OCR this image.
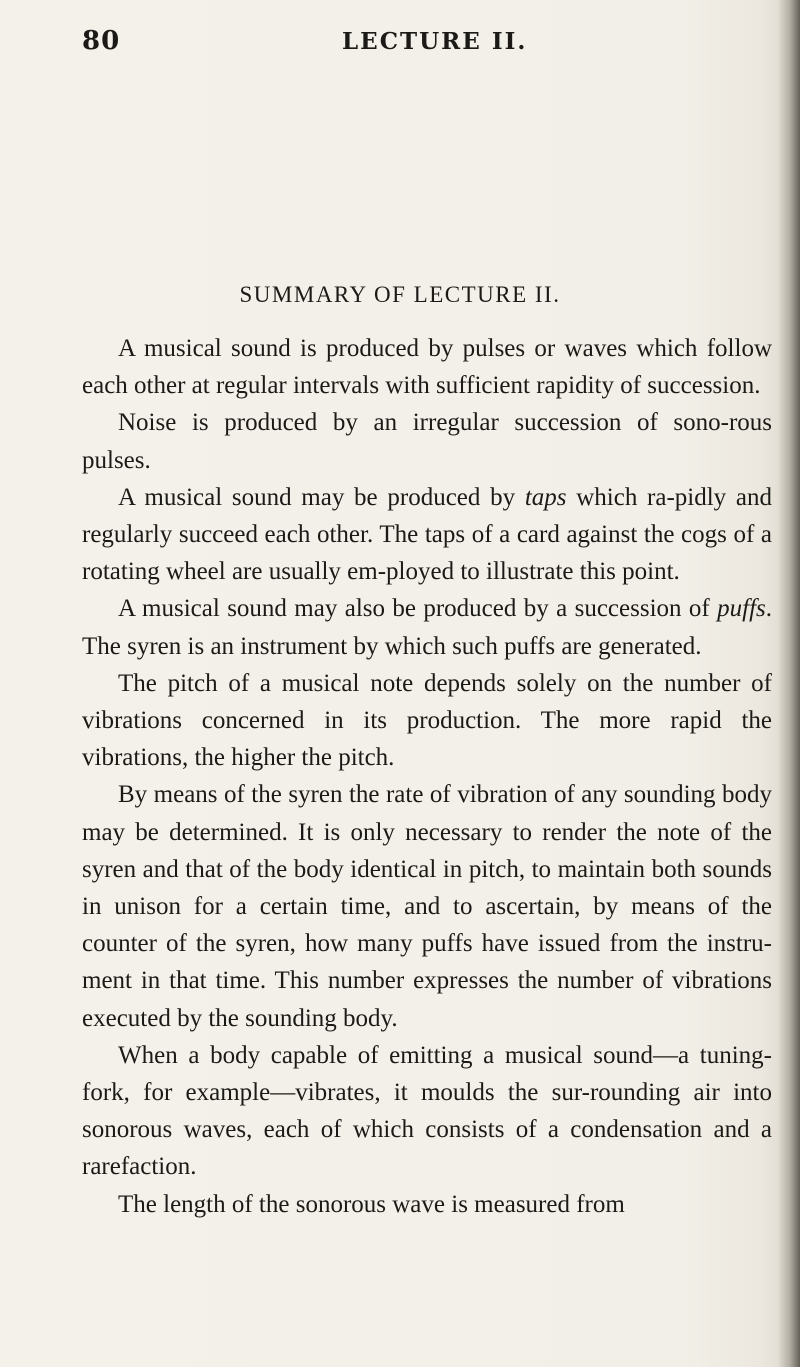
80	LECTURE II.
SUMMARY OF LECTURE II.

A musical sound is produced by pulses or waves which follow each other at regular intervals with sufficient rapidity of succession.

Noise is produced by an irregular succession of sono-rous pulses.

A musical sound may be produced by taps which ra-pidly and regularly succeed each other. The taps of a card against the cogs of a rotating wheel are usually em-ployed to illustrate this point.

A musical sound may also be produced by a succession of puffs. The syren is an instrument by which such puffs are generated.

The pitch of a musical note depends solely on the number of vibrations concerned in its production. The more rapid the vibrations, the higher the pitch.

By means of the syren the rate of vibration of any sounding body may be determined. It is only necessary to render the note of the syren and that of the body identical in pitch, to maintain both sounds in unison for a certain time, and to ascertain, by means of the counter of the syren, how many puffs have issued from the instru-ment in that time. This number expresses the number of vibrations executed by the sounding body.

When a body capable of emitting a musical sound—a tuning-fork, for example—vibrates, it moulds the sur-rounding air into sonorous waves, each of which consists of a condensation and a rarefaction.

The length of the sonorous wave is measured from
